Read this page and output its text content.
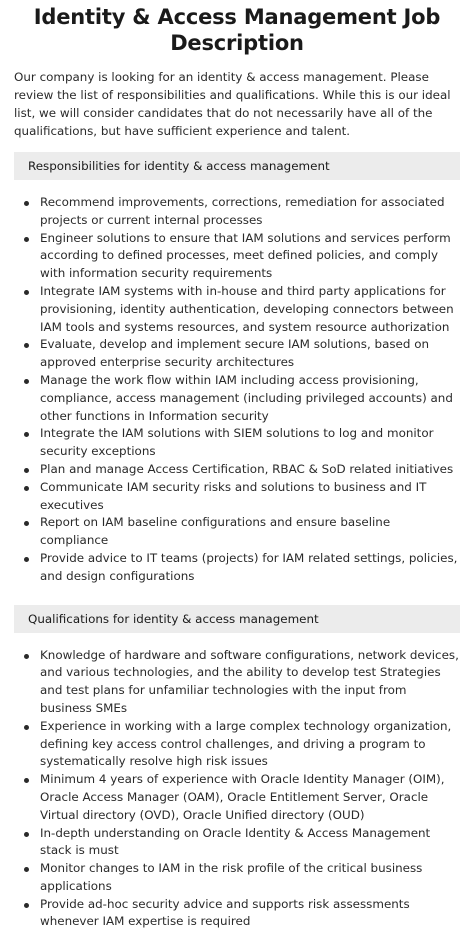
Identity & Access Management Job Description

Our company is looking for an identity & access management. Please review the list of responsibilities and qualifications. While this is our ideal list, we will consider candidates that do not necessarily have all of the qualifications, but have sufficient experience and talent.

Responsibilities for identity & access management
Recommend improvements, corrections, remediation for associated projects or current internal processes
Engineer solutions to ensure that IAM solutions and services perform according to defined processes, meet defined policies, and comply with information security requirements
Integrate IAM systems with in-house and third party applications for provisioning, identity authentication, developing connectors between IAM tools and systems resources, and system resource authorization
Evaluate, develop and implement secure IAM solutions, based on approved enterprise security architectures
Manage the work flow within IAM including access provisioning, compliance, access management (including privileged accounts) and other functions in Information security
Integrate the IAM solutions with SIEM solutions to log and monitor security exceptions
Plan and manage Access Certification, RBAC & SoD related initiatives
Communicate IAM security risks and solutions to business and IT executives
Report on IAM baseline configurations and ensure baseline compliance
Provide advice to IT teams (projects) for IAM related settings, policies, and design configurations
Qualifications for identity & access management
Knowledge of hardware and software configurations, network devices, and various technologies, and the ability to develop test Strategies and test plans for unfamiliar technologies with the input from business SMEs
Experience in working with a large complex technology organization, defining key access control challenges, and driving a program to systematically resolve high risk issues
Minimum 4 years of experience with Oracle Identity Manager (OIM), Oracle Access Manager (OAM), Oracle Entitlement Server, Oracle Virtual directory (OVD), Oracle Unified directory (OUD)
In-depth understanding on Oracle Identity & Access Management stack is must
Monitor changes to IAM in the risk profile of the critical business applications
Provide ad-hoc security advice and supports risk assessments whenever IAM expertise is required
